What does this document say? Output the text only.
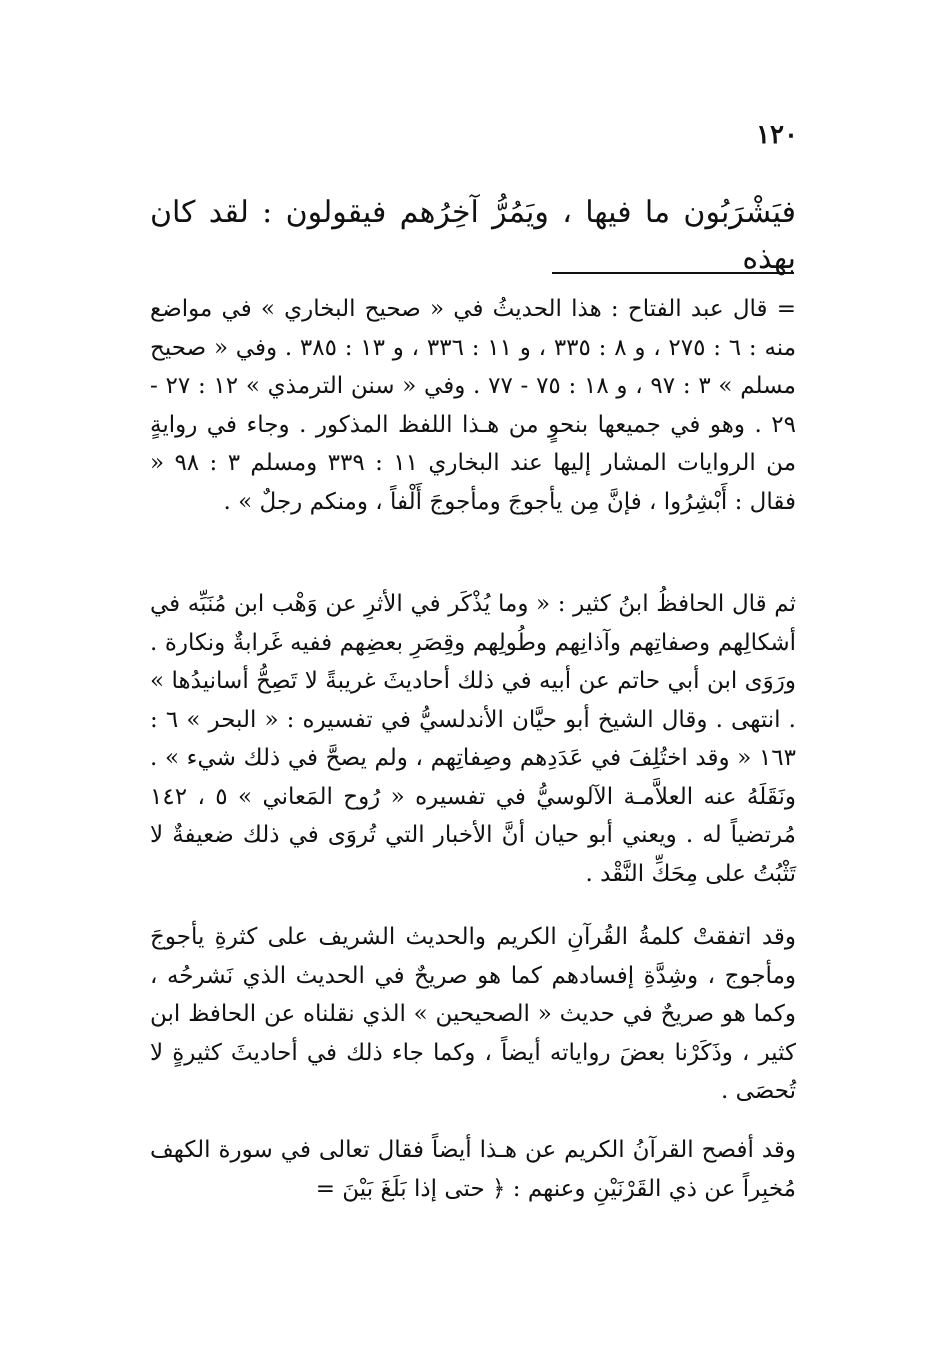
١٢٠

فيَشْرَبُون ما فيها ، ويَمُرُّ آخِرُهم فيقولون : لقد كان بهذه

= قال عبد الفتاح : هذا الحديثُ في « صحيح البخاري » في مواضع منه : ٦ : ٢٧٥ ، و ٨ : ٣٣٥ ، و ١١ : ٣٣٦ ، و ١٣ : ٣٨٥ . وفي « صحيح مسلم » ٣ : ٩٧ ، و ١٨ : ٧٥ - ٧٧ . وفي « سنن الترمذي » ١٢ : ٢٧ - ٢٩ . وهو في جميعها بنحوٍ من هـذا اللفظ المذكور . وجاء في روايةٍ من الروايات المشار إليها عند البخاري ١١ : ٣٣٩ ومسلم ٣ : ٩٨ « فقال : أَبْشِرُوا ، فإنَّ مِن يأجوجَ ومأجوجَ أَلْفاً ، ومنكم رجلٌ » .

ثم قال الحافظُ ابنُ كثير : « وما يُذْكَر في الأثرِ عن وَهْب ابن مُنَبِّه في أشكالِهم وصفاتِهم وآذانِهم وطُولِهم وقِصَرِ بعضِهم ففيه غَرابةٌ ونكارة . ورَوَى ابن أبي حاتم عن أبيه في ذلك أحاديثَ غريبةً لا تَصِحُّ أسانيدُها » . انتهى . وقال الشيخ أبو حيَّان الأندلسيُّ في تفسيره : « البحر » ٦ : ١٦٣ « وقد اختُلِفَ في عَدَدِهم وصِفاتِهم ، ولم يصحَّ في ذلك شيء » . ونَقَلَهُ عنه العلاَّمـة الآلوسيُّ في تفسيره « رُوح المَعاني » ٥ ، ١٤٢ مُرتضياً له . ويعني أبو حيان أنَّ الأخبار التي تُروَى في ذلك ضعيفةٌ لا تَثْبُتُ على مِحَكِّ النَّقْد .

وقد اتفقتْ كلمةُ القُرآنِ الكريم والحديث الشريف على كثرةِ يأجوجَ ومأجوج ، وشِدَّةِ إفسادهم كما هو صريحٌ في الحديث الذي نَشرحُه ، وكما هو صريحٌ في حديث « الصحيحين » الذي نقلناه عن الحافظ ابن كثير ، وذَكَرْنا بعضَ رواياته أيضاً ، وكما جاء ذلك في أحاديثَ كثيرةٍ لا تُحصَى .

وقد أفصح القرآنُ الكريم عن هـذا أيضاً فقال تعالى في سورة الكهف مُخبِراً عن ذي القَرْنَيْنِ وعنهم : ﴿ حتى إذا بَلَغَ بَيْنَ =
